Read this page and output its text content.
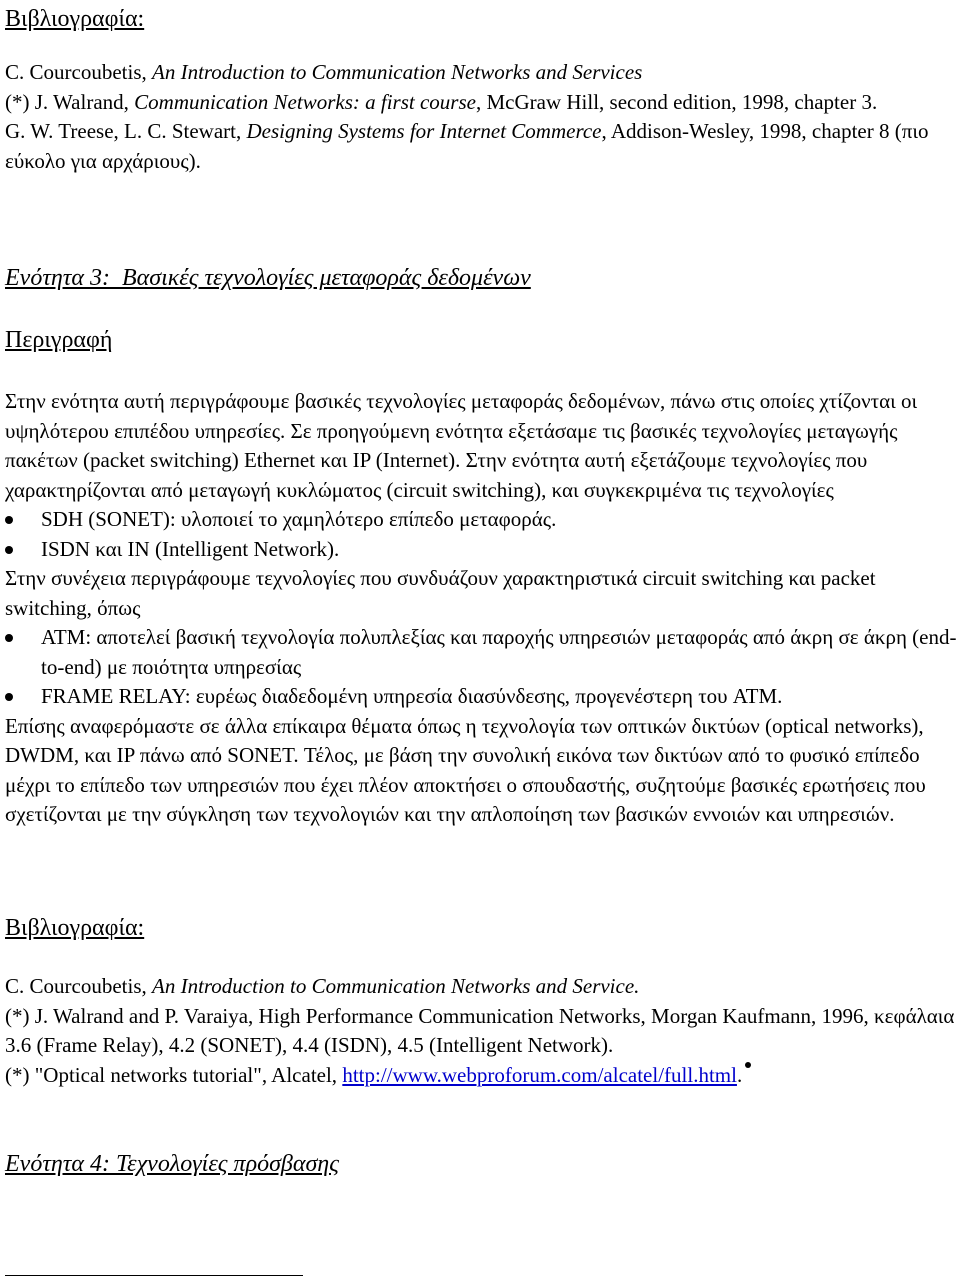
Βιβλιογραφία:

C. Courcoubetis, An Introduction to Communication Networks and Services

(*) J. Walrand, Communication Networks: a first course, McGraw Hill, second edition, 1998, chapter 3.

G. W. Treese, L. C. Stewart, Designing Systems for Internet Commerce, Addison-Wesley, 1998, chapter 8 (πιο εύκολο για αρχάριους).

Ενότητα 3:  Βασικές τεχνολογίες μεταφοράς δεδομένων
Περιγραφή

Στην ενότητα αυτή περιγράφουμε βασικές τεχνολογίες μεταφοράς δεδομένων, πάνω στις οποίες χτίζονται οι υψηλότερου επιπέδου υπηρεσίες. Σε προηγούμενη ενότητα εξετάσαμε τις βασικές τεχνολογίες μεταγωγής πακέτων (packet switching) Ethernet και IP (Internet). Στην ενότητα αυτή εξετάζουμε τεχνολογίες που χαρακτηρίζονται από μεταγωγή κυκλώματος (circuit switching), και συγκεκριμένα τις τεχνολογίες

SDH (SONET): υλοποιεί το χαμηλότερο επίπεδο μεταφοράς.
ISDN και IN (Intelligent Network).

Στην συνέχεια περιγράφουμε τεχνολογίες που συνδυάζουν χαρακτηριστικά circuit switching και packet switching, όπως

ATM: αποτελεί βασική τεχνολογία πολυπλεξίας και παροχής υπηρεσιών μεταφοράς από άκρη σε άκρη (end-to-end) με ποιότητα υπηρεσίας
FRAME RELAY: ευρέως διαδεδομένη υπηρεσία διασύνδεσης, προγενέστερη του ATM.

Επίσης αναφερόμαστε σε άλλα επίκαιρα θέματα όπως η τεχνολογία των οπτικών δικτύων (optical networks), DWDM, και IP πάνω από SONET. Τέλος, με βάση την συνολική εικόνα των δικτύων από το φυσικό επίπεδο μέχρι το επίπεδο των υπηρεσιών που έχει πλέον αποκτήσει ο σπουδαστής, συζητούμε βασικές ερωτήσεις που σχετίζονται με την σύγκληση των τεχνολογιών και την απλοποίηση των βασικών εννοιών και υπηρεσιών.

Βιβλιογραφία:

C. Courcoubetis, An Introduction to Communication Networks and Service.

(*) J. Walrand and P. Varaiya, High Performance Communication Networks, Morgan Kaufmann, 1996, κεφάλαια 3.6 (Frame Relay), 4.2 (SONET), 4.4 (ISDN), 4.5 (Intelligent Network).

(*) "Optical networks tutorial", Alcatel, http://www.webproforum.com/alcatel/full.html.

Ενότητα 4: Τεχνολογίες πρόσβασης
